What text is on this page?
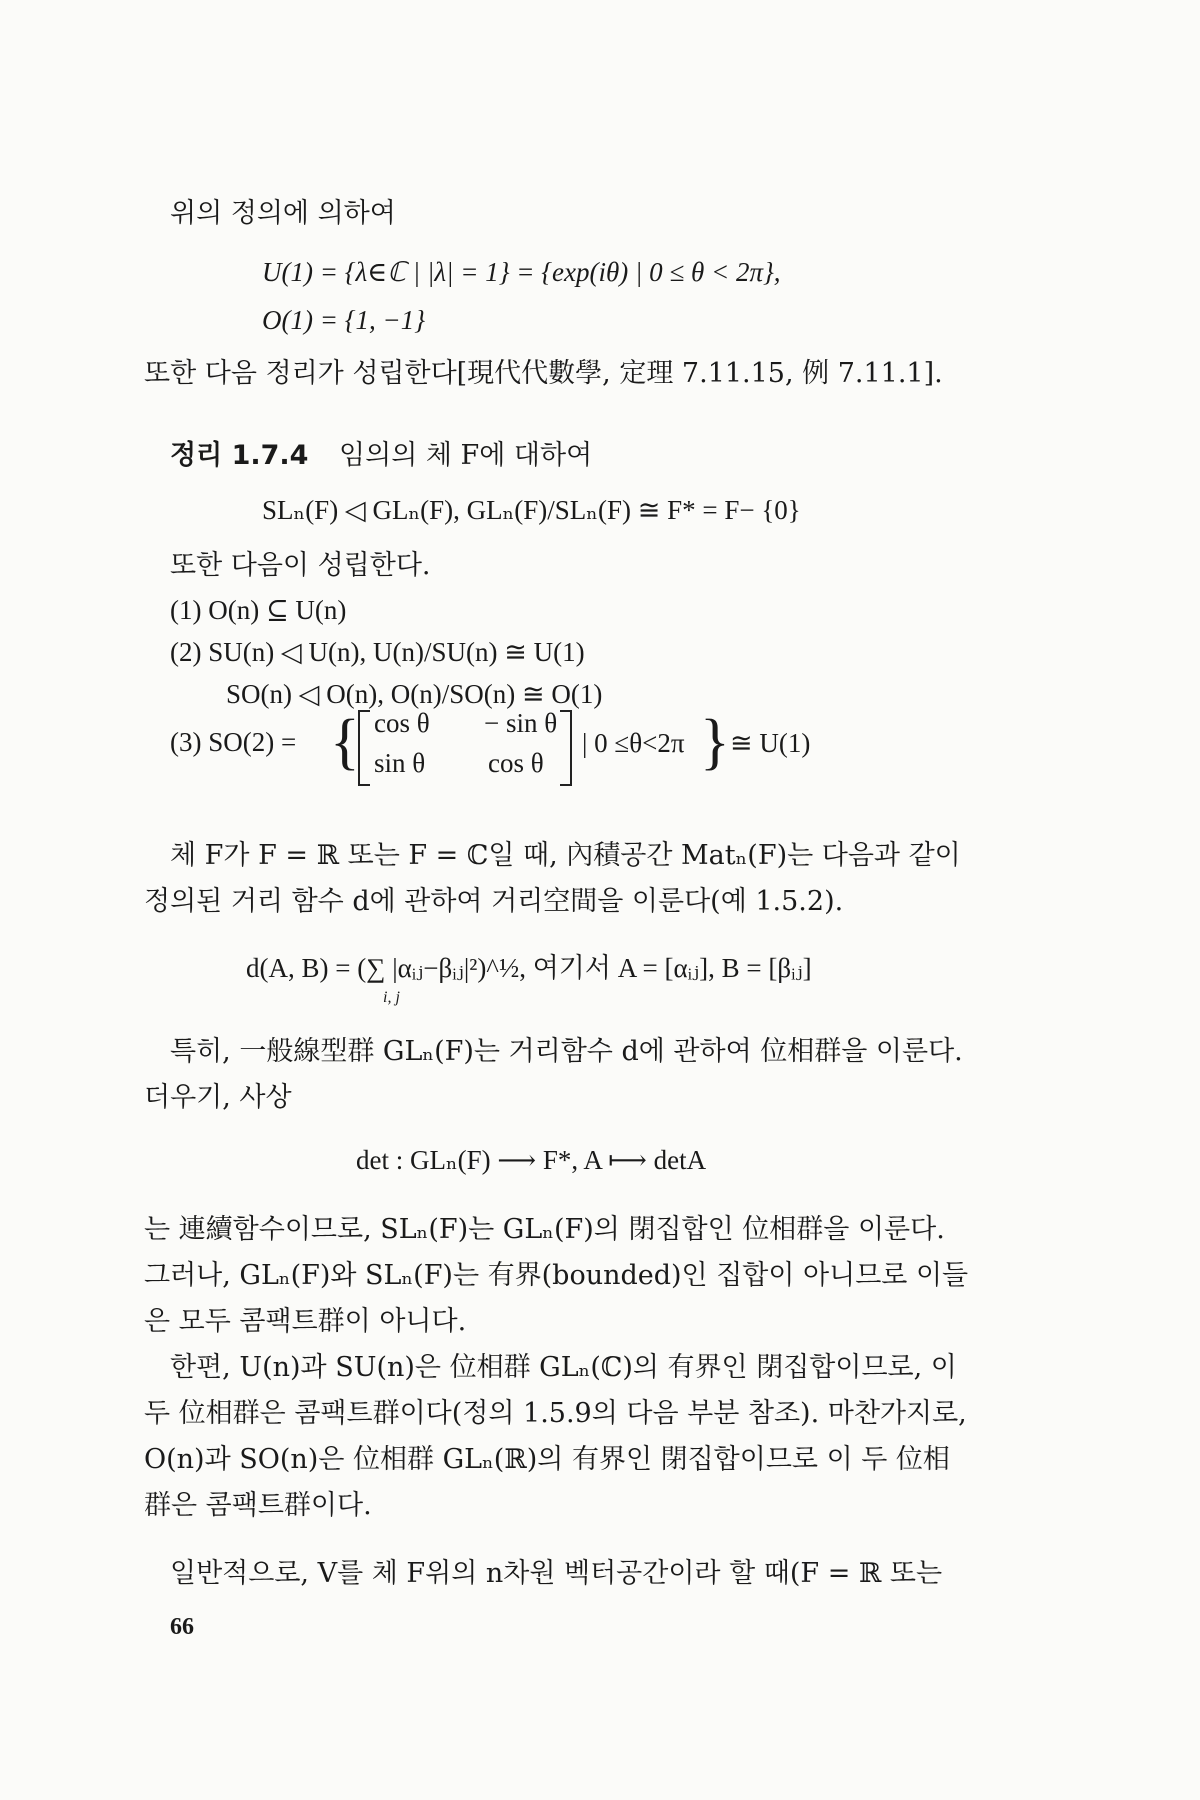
위의 정의에 의하여
U(1) = {λ∈ℂ | |λ| = 1} = {exp(iθ) | 0 ≤ θ < 2π},
O(1) = {1, −1}
또한 다음 정리가 성립한다[現代代數學, 定理 7.11.15, 例 7.11.1].
정리 1.7.4 임의의 체 F에 대하여
SLₙ(F) ◁ GLₙ(F), GLₙ(F)/SLₙ(F) ≅ F* = F− {0}
또한 다음이 성립한다.
(1) O(n) ⊆ U(n)
(2) SU(n) ◁ U(n), U(n)/SU(n) ≅ U(1)
SO(n) ◁ O(n), O(n)/SO(n) ≅ O(1)
(3) SO(2) = { cos θ − sin θ
sin θ cos θ
| 0 ≤θ<2π } ≅ U(1)
체 F가 F = ℝ 또는 F = ℂ일 때, 內積공간 Matₙ(F)는 다음과 같이
정의된 거리 함수 d에 관하여 거리空間을 이룬다(예 1.5.2).
d(A, B) = (∑ |αᵢⱼ−βᵢⱼ|²)^½, 여기서 A = [αᵢⱼ], B = [βᵢⱼ]
i, j
특히, 一般線型群 GLₙ(F)는 거리함수 d에 관하여 位相群을 이룬다.
더우기, 사상
det : GLₙ(F) ⟶ F*, A ⟼ detA
는 連續함수이므로, SLₙ(F)는 GLₙ(F)의 閉집합인 位相群을 이룬다.
그러나, GLₙ(F)와 SLₙ(F)는 有界(bounded)인 집합이 아니므로 이들
은 모두 콤팩트群이 아니다.
한편, U(n)과 SU(n)은 位相群 GLₙ(ℂ)의 有界인 閉집합이므로, 이
두 位相群은 콤팩트群이다(정의 1.5.9의 다음 부분 참조). 마찬가지로,
O(n)과 SO(n)은 位相群 GLₙ(ℝ)의 有界인 閉집합이므로 이 두 位相
群은 콤팩트群이다.
일반적으로, V를 체 F위의 n차원 벡터공간이라 할 때(F = ℝ 또는
66
